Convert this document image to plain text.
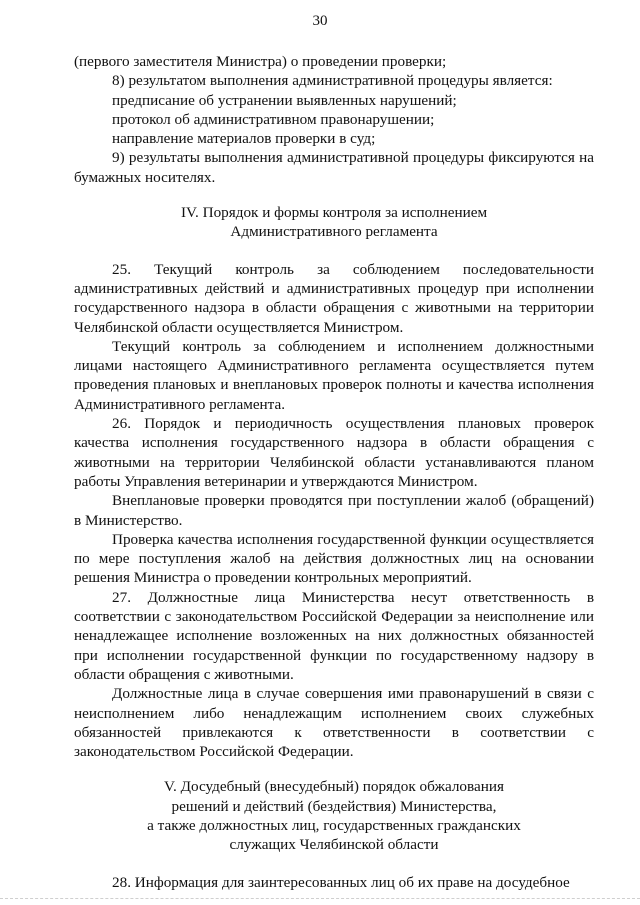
30

(первого заместителя Министра) о проведении проверки;

8) результатом выполнения административной процедуры является:

предписание об устранении выявленных нарушений;

протокол об административном правонарушении;

направление материалов проверки в суд;

9) результаты выполнения административной процедуры фиксируются на бумажных носителях.

IV. Порядок и формы контроля за исполнением

Административного регламента

25. Текущий контроль за соблюдением последовательности административных действий и административных процедур при исполнении государственного надзора в области обращения с животными на территории Челябинской области осуществляется Министром.

Текущий контроль за соблюдением и исполнением должностными лицами настоящего Административного регламента осуществляется путем проведения плановых и внеплановых проверок полноты и качества исполнения Административного регламента.

26. Порядок и периодичность осуществления плановых проверок качества исполнения государственного надзора в области обращения с животными на территории Челябинской области устанавливаются планом работы Управления ветеринарии и утверждаются Министром.

Внеплановые проверки проводятся при поступлении жалоб (обращений) в Министерство.

Проверка качества исполнения государственной функции осуществляется по мере поступления жалоб на действия должностных лиц на основании решения Министра о проведении контрольных мероприятий.

27. Должностные лица Министерства несут ответственность в соответствии с законодательством Российской Федерации за неисполнение или ненадлежащее исполнение возложенных на них должностных обязанностей при исполнении государственной функции по государственному надзору в области обращения с животными.

Должностные лица в случае совершения ими правонарушений в связи с неисполнением либо ненадлежащим исполнением своих служебных обязанностей привлекаются к ответственности в соответствии с законодательством Российской Федерации.

V. Досудебный (внесудебный) порядок обжалования

решений и действий (бездействия) Министерства,

а также должностных лиц, государственных гражданских

служащих Челябинской области

28. Информация для заинтересованных лиц об их праве на досудебное
